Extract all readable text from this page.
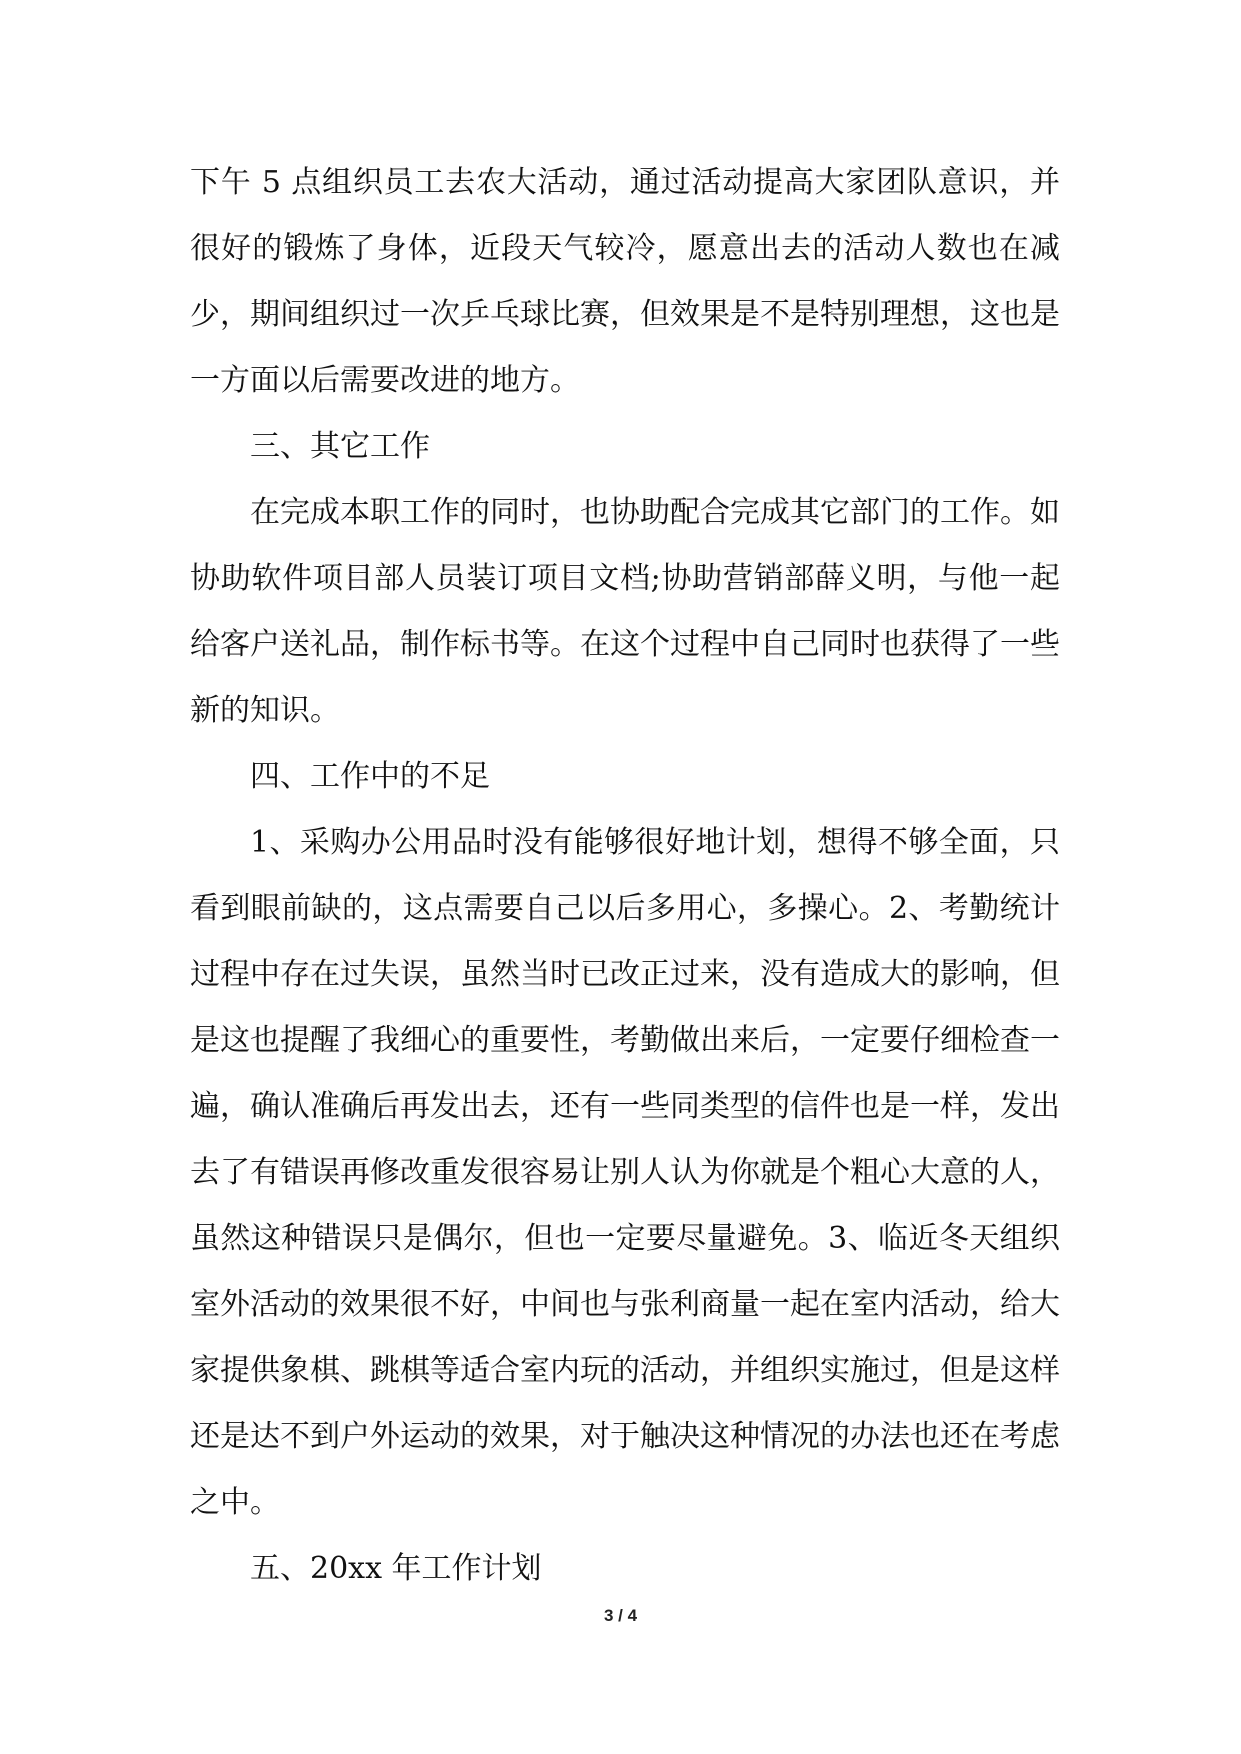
下午 5 点组织员工去农大活动，通过活动提高大家团队意识，并很好的锻炼了身体，近段天气较冷，愿意出去的活动人数也在减少，期间组织过一次乒乓球比赛，但效果是不是特别理想，这也是一方面以后需要改进的地方。

三、其它工作

在完成本职工作的同时，也协助配合完成其它部门的工作。如协助软件项目部人员装订项目文档;协助营销部薛义明，与他一起给客户送礼品，制作标书等。在这个过程中自己同时也获得了一些新的知识。

四、工作中的不足

1、采购办公用品时没有能够很好地计划，想得不够全面，只看到眼前缺的，这点需要自己以后多用心，多操心。2、考勤统计过程中存在过失误，虽然当时已改正过来，没有造成大的影响，但是这也提醒了我细心的重要性，考勤做出来后，一定要仔细检查一遍，确认准确后再发出去，还有一些同类型的信件也是一样，发出去了有错误再修改重发很容易让别人认为你就是个粗心大意的人，虽然这种错误只是偶尔，但也一定要尽量避免。3、临近冬天组织室外活动的效果很不好，中间也与张利商量一起在室内活动，给大家提供象棋、跳棋等适合室内玩的活动，并组织实施过，但是这样还是达不到户外运动的效果，对于触决这种情况的办法也还在考虑之中。

五、20xx 年工作计划

3 / 4
